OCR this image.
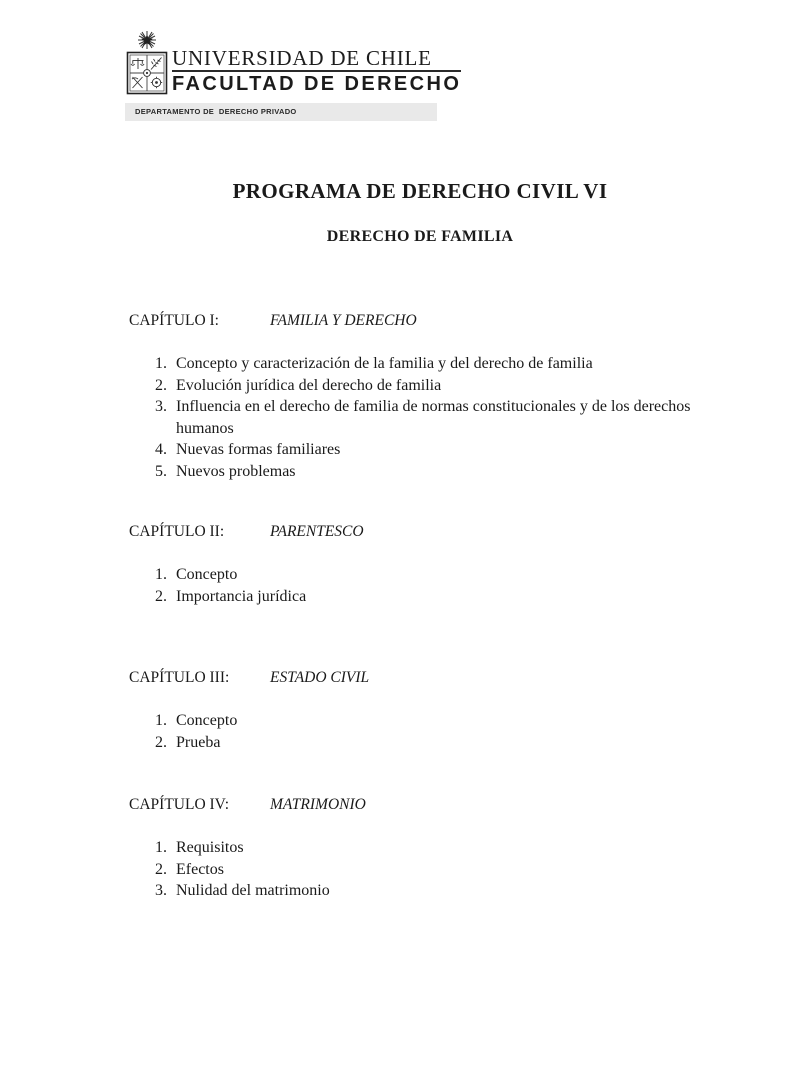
UNIVERSIDAD DE CHILE
FACULTAD DE DERECHO
DEPARTAMENTO DE  DERECHO PRIVADO
PROGRAMA DE DERECHO CIVIL VI
DERECHO DE FAMILIA
CAPÍTULO I:	FAMILIA Y DERECHO
1. Concepto y caracterización de la familia y del derecho de familia
2. Evolución jurídica del derecho de familia
3. Influencia en el derecho de familia de normas constitucionales y de los derechos humanos
4. Nuevas formas familiares
5. Nuevos problemas
CAPÍTULO II:	PARENTESCO
1. Concepto
2. Importancia jurídica
CAPÍTULO III:	ESTADO CIVIL
1. Concepto
2. Prueba
CAPÍTULO IV:	MATRIMONIO
1. Requisitos
2. Efectos
3. Nulidad del matrimonio
